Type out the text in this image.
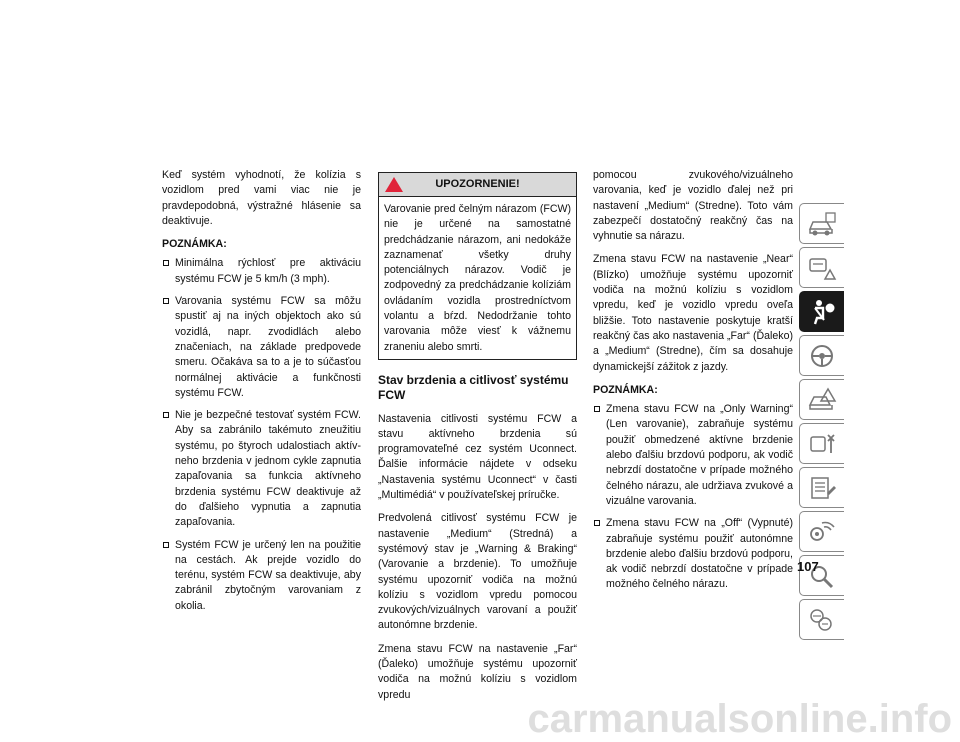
Keď systém vyhodnotí, že kolízia s vozidlom pred vami viac nie je pravdepodobná, výstražné hlásenie sa deaktivuje.

POZNÁMKA:
Minimálna rýchlosť pre aktiváciu systému FCW je 5 km/h (3 mph).
Varovania systému FCW sa môžu spustiť aj na iných objektoch ako sú vozidlá, napr. zvodidlách alebo značeniach, na základe predpovede smeru. Očakáva sa to a je to súčasťou normálnej aktivácie a funkčnosti systému FCW.
Nie je bezpečné testovať systém FCW. Aby sa zabránilo takémuto zneužitiu systému, po štyroch udalostiach aktívneho brzdenia v jednom cykle zapnutia zapaľovania sa funkcia aktívneho brzdenia systému FCW deaktivuje až do ďalšieho vypnutia a zapnutia zapaľovania.
Systém FCW je určený len na použitie na cestách. Ak prejde vozidlo do terénu, systém FCW sa deaktivuje, aby zabránil zbytočným varovaniam z okolia.
UPOZORNENIE!
Varovanie pred čelným nárazom (FCW) nie je určené na samostatné predchádzanie nárazom, ani nedokáže zaznamenať všetky druhy potenciálnych nárazov. Vodič je zodpovedný za predchádzanie kolíziám ovládaním vozidla prostredníctvom volantu a bŕzd. Nedodržanie tohto varovania môže viesť k vážnemu zraneniu alebo smrti.
Stav brzdenia a citlivosť systému FCW

Nastavenia citlivosti systému FCW a stavu aktívneho brzdenia sú programovateľné cez systém Uconnect. Ďalšie informácie nájdete v odseku „Nastavenia systému Uconnect“ v časti „Multimédiá“ v používateľskej príručke.

Predvolená citlivosť systému FCW je nastavenie „Medium“ (Stredná) a systémový stav je „Warning & Braking“ (Varovanie a brzdenie). To umožňuje systému upozorniť vodiča na možnú kolíziu s vozidlom vpredu pomocou zvukových/vizuálnych varovaní a použiť autonómne brzdenie.

Zmena stavu FCW na nastavenie „Far“ (Ďaleko) umožňuje systému upozorniť vodiča na možnú kolíziu s vozidlom vpredu

pomocou zvukového/vizuálneho varovania, keď je vozidlo ďalej než pri nastavení „Medium“ (Stredne). Toto vám zabezpečí dostatočný reakčný čas na vyhnutie sa nárazu.

Zmena stavu FCW na nastavenie „Near“ (Blízko) umožňuje systému upozorniť vodiča na možnú kolíziu s vozidlom vpredu, keď je vozidlo vpredu oveľa bližšie. Toto nastavenie poskytuje kratší reakčný čas ako nastavenia „Far“ (Ďaleko) a „Medium“ (Stredne), čím sa dosahuje dynamickejší zážitok z jazdy.

POZNÁMKA:
Zmena stavu FCW na „Only Warning“ (Len varovanie), zabraňuje systému použiť obmedzené aktívne brzdenie alebo ďalšiu brzdovú podporu, ak vodič nebrzdí dostatočne v prípade možného čelného nárazu, ale udržiava zvukové a vizuálne varovania.
Zmena stavu FCW na „Off“ (Vypnuté) zabraňuje systému použiť autonómne brzdenie alebo ďalšiu brzdovú podporu, ak vodič nebrzdí dostatočne v prípade možného čelného nárazu.
107
carmanualsonline.info
